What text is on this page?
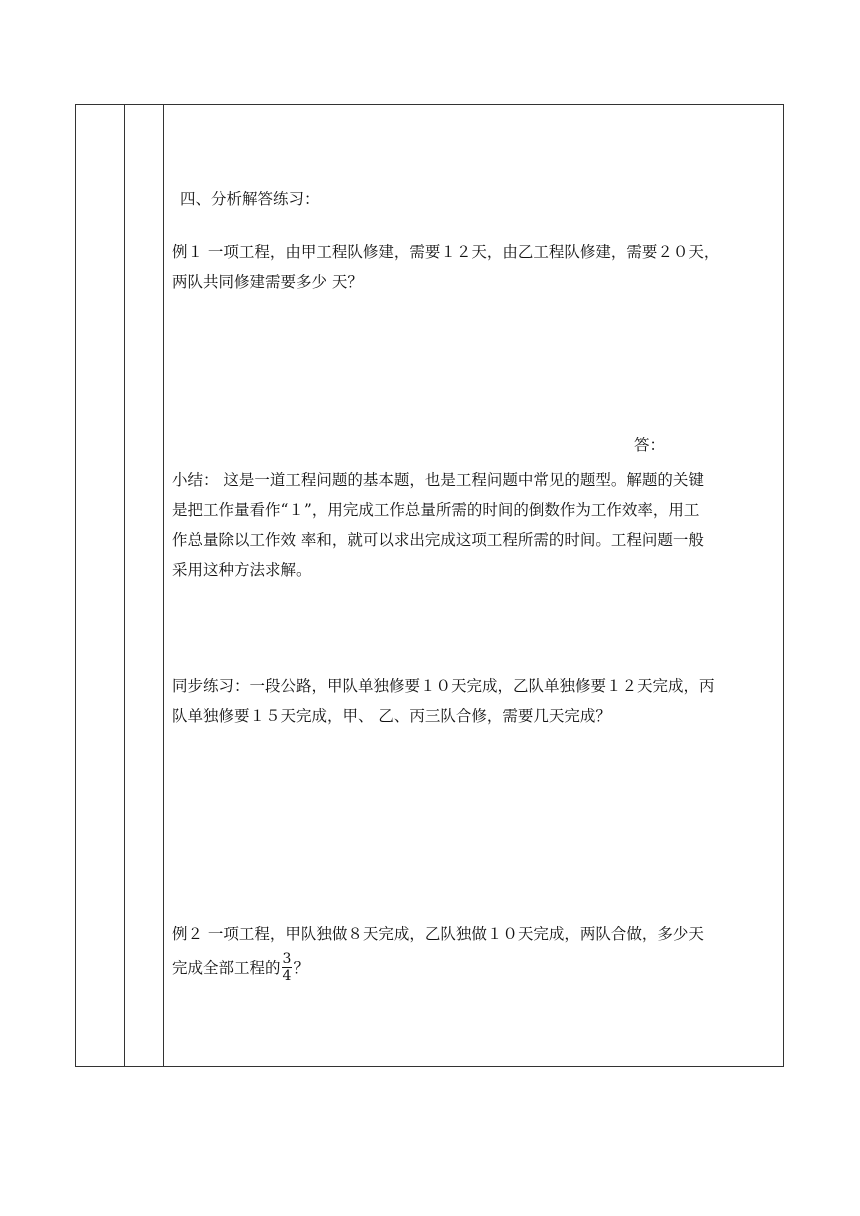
四、分析解答练习：
例１ 一项工程，由甲工程队修建，需要１２天，由乙工程队修建，需要２０天，
两队共同修建需要多少 天？
答：
小结： 这是一道工程问题的基本题，也是工程问题中常见的题型。解题的关键
是把工作量看作“１”，用完成工作总量所需的时间的倒数作为工作效率，用工
作总量除以工作效 率和，就可以求出完成这项工程所需的时间。工程问题一般
采用这种方法求解。
同步练习：一段公路，甲队单独修要１０天完成，乙队单独修要１２天完成，丙
队单独修要１５天完成，甲、 乙、丙三队合修，需要几天完成？
例２ 一项工程，甲队独做８天完成，乙队独做１０天完成，两队合做，多少天
完成全部工程的 $\frac{3}{4}$ ？
